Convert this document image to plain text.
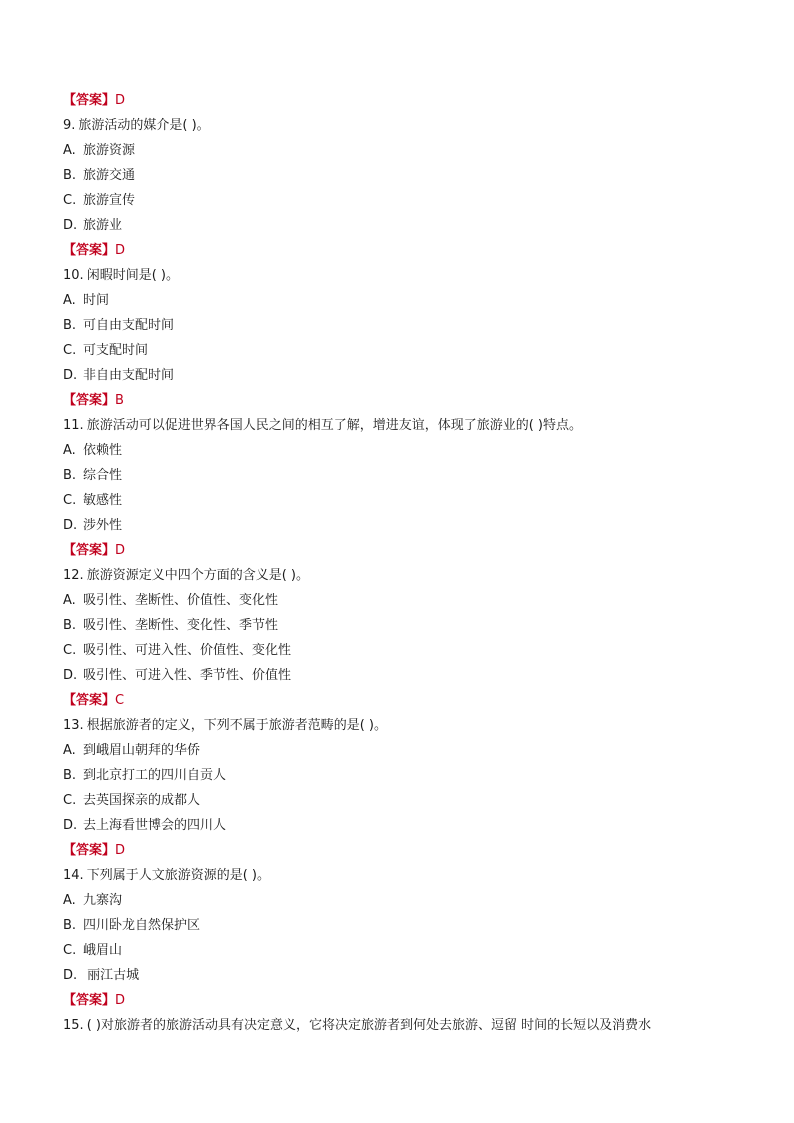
【答案】D
9. 旅游活动的媒介是( )。
A. 旅游资源
B. 旅游交通
C. 旅游宣传
D. 旅游业
【答案】D
10. 闲暇时间是( )。
A. 时间
B. 可自由支配时间
C. 可支配时间
D. 非自由支配时间
【答案】B
11. 旅游活动可以促进世界各国人民之间的相互了解，增进友谊，体现了旅游业的( )特点。
A. 依赖性
B. 综合性
C. 敏感性
D. 涉外性
【答案】D
12. 旅游资源定义中四个方面的含义是( )。
A. 吸引性、垄断性、价值性、变化性
B. 吸引性、垄断性、变化性、季节性
C. 吸引性、可进入性、价值性、变化性
D. 吸引性、可进入性、季节性、价值性
【答案】C
13. 根据旅游者的定义，下列不属于旅游者范畴的是( )。
A. 到峨眉山朝拜的华侨
B. 到北京打工的四川自贡人
C. 去英国探亲的成都人
D. 去上海看世博会的四川人
【答案】D
14. 下列属于人文旅游资源的是( )。
A. 九寨沟
B. 四川卧龙自然保护区
C. 峨眉山
D. 丽江古城
【答案】D
15. ( )对旅游者的旅游活动具有决定意义，它将决定旅游者到何处去旅游、逗留 时间的长短以及消费水
